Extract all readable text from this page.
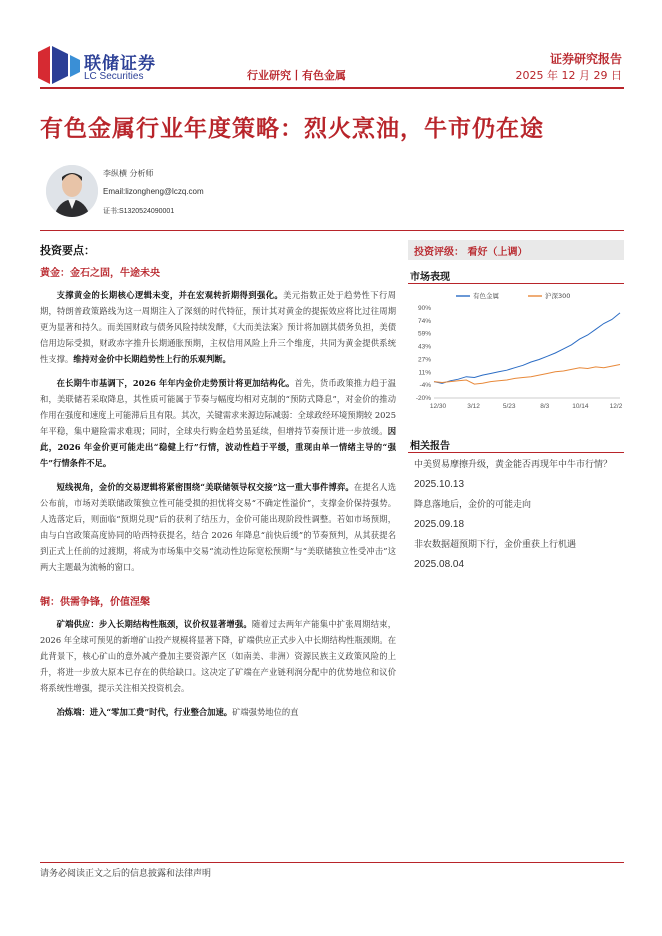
联储证券
LC Securities	行业研究丨有色金属
证券研究报告
2025 年 12 月 29 日
有色金属行业年度策略：烈火烹油，牛市仍在途
李纵横 分析师
Email:lizongheng@lczq.com
证书:S1320524090001
投资要点：
黄金：金石之固，牛途未央

支撑黄金的长期核心逻辑未变，并在宏观转折期得到强化。美元指数正处于趋势性下行周期，特朗普政策路线为这一周期注入了深刻的时代特征，预计其对黄金的提振效应将比过往周期更为显著和持久。而美国财政与债务风险持续发酵，《大而美法案》预计将加剧其债务负担，美债信用边际受损，财政赤字推升长期通胀预期，主权信用风险上升三个维度，共同为黄金提供系统性支撑。维持对金价中长期趋势性上行的乐观判断。

在长期牛市基调下，2026 年年内金价走势预计将更加结构化。首先，货币政策推力趋于温和，美联储若采取降息，其性质可能属于节奏与幅度均相对克制的“预防式降息”，对金价的推动作用在强度和速度上可能滞后且有限。其次，关键需求来源边际减弱：全球政经环境预期较 2025 年平稳，集中避险需求难现；同时，全球央行购金趋势虽延续，但增持节奏预计进一步放缓。因此，2026 年金价更可能走出“稳健上行”行情，波动性趋于平缓，重现由单一情绪主导的“强牛”行情条件不足。

短线视角，金价的交易逻辑将紧密围绕“美联储领导权交接”这一重大事件博弈。在提名人选公布前，市场对美联储政策独立性可能受损的担忧将交易“不确定性溢价”，支撑金价保持强势。人选落定后，则面临“预期兑现”后的获利了结压力，金价可能出现阶段性调整。若如市场预期，由与白宫政策高度协同的哈西特获提名，结合 2026 年降息“前快后缓”的节奏预判，从其获提名到正式上任前的过渡期，将成为市场集中交易“流动性边际宽松预期”与“美联储独立性受冲击”这两大主题最为流畅的窗口。

铜：供需争锋，价值涅槃

矿端供应：步入长期结构性瓶颈，议价权显著增强。随着过去两年产能集中扩张周期结束，2026 年全球可预见的新增矿山投产规模将显著下降，矿端供应正式步入中长期结构性瓶颈期。在此背景下，核心矿山的意外减产叠加主要资源产区（如南美、非洲）资源民族主义政策风险的上升，将进一步放大原本已存在的供给缺口。这决定了矿端在产业链利润分配中的优势地位和议价将系统性增强，提示关注相关投资机会。

冶炼端：进入“零加工费”时代，行业整合加速。矿端强势地位的直

投资评级： 看好（上调）
市场表现
90%
74%
59%
43%
27%
11%
-4%
-20%
12/30	3/12	5/23	8/3	10/14	12/2
有色金属	沪深300
相关报告
中美贸易摩擦升级，黄金能否再现年中牛市行情？
2025.10.13
降息落地后，金价的可能走向
2025.09.18
非农数据超预期下行，金价重获上行机遇
2025.08.04
请务必阅读正文之后的信息披露和法律声明
